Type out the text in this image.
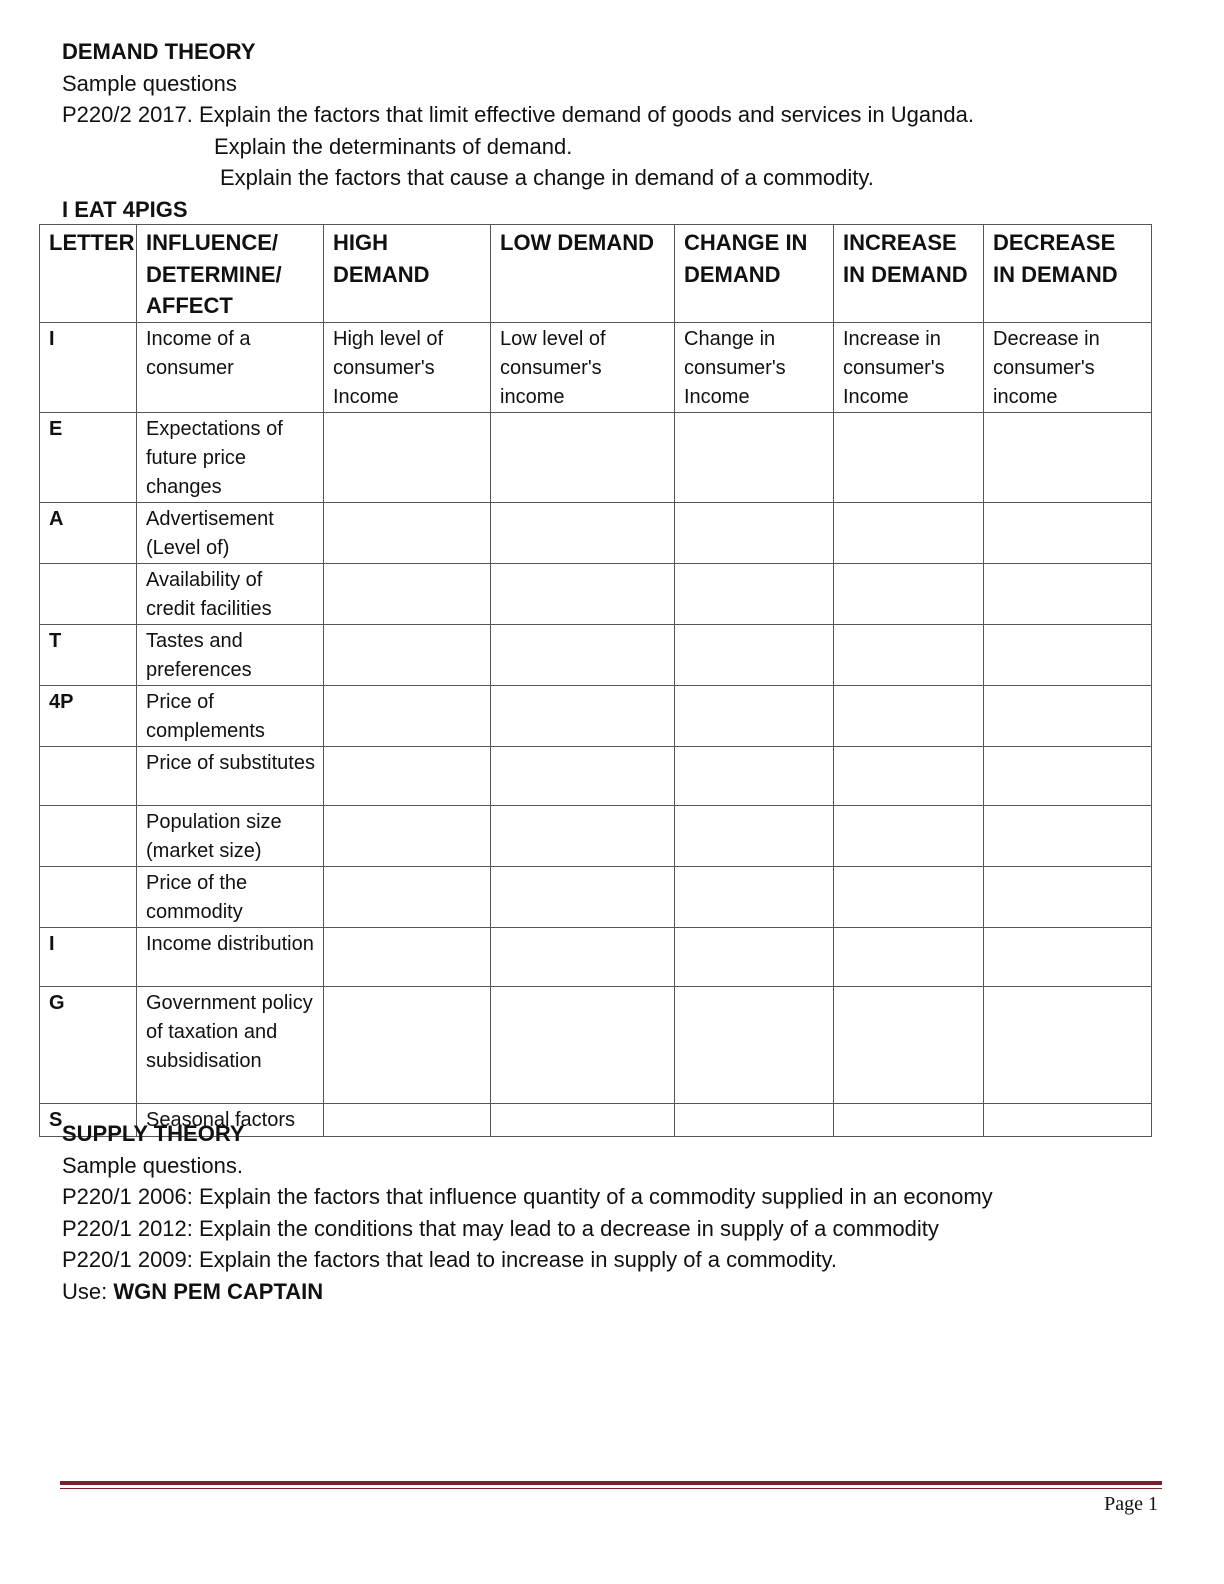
DEMAND THEORY
Sample questions
P220/2 2017. Explain the factors that limit effective demand of goods and services in Uganda.
Explain the determinants of demand.
Explain the factors that cause a change in demand of a commodity.
I EAT 4PIGS
LETTER	INFLUENCE/ DETERMINE/ AFFECT	HIGH DEMAND	LOW DEMAND	CHANGE IN DEMAND	INCREASE IN DEMAND	DECREASE IN DEMAND
I	Income of a consumer	High level of consumer's Income	Low level of consumer's income	Change in consumer's Income	Increase in consumer's Income	Decrease in consumer's income
E	Expectations of future price changes					
A	Advertisement (Level of)					
	Availability of credit facilities					
T	Tastes and preferences					
4P	Price of complements					
	Price of substitutes					
	Population size (market size)					
	Price of the commodity					
I	Income distribution					
G	Government policy of taxation and subsidisation					
S	Seasonal factors					
SUPPLY THEORY
Sample questions.
P220/1 2006: Explain the factors that influence quantity of a commodity supplied in an economy
P220/1 2012: Explain the conditions that may lead to a decrease in supply of a commodity
P220/1 2009: Explain the factors that lead to increase in supply of a commodity.
Use: WGN PEM CAPTAIN
Page 1
